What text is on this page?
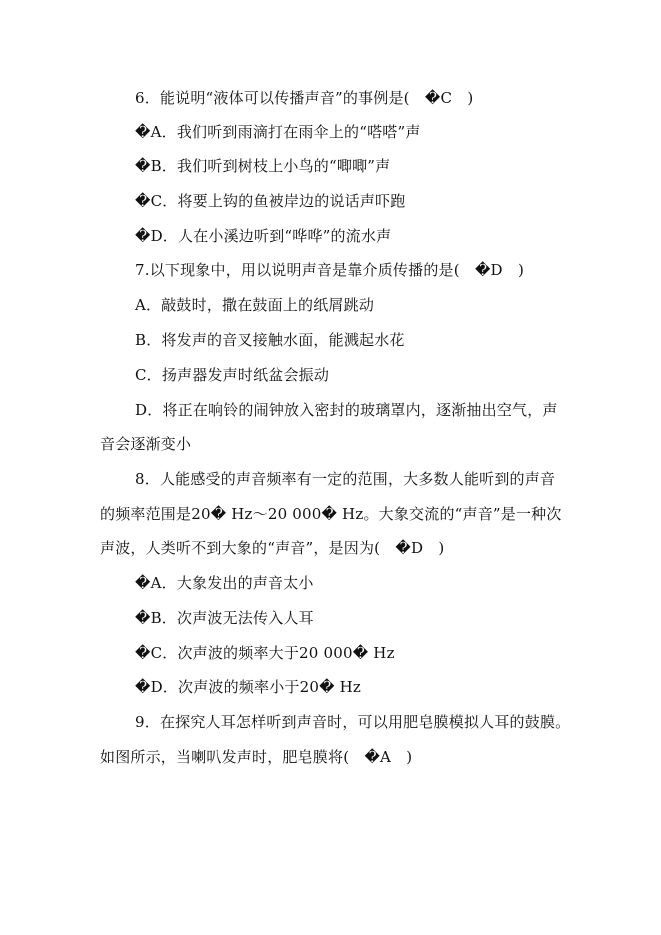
6．能说明“液体可以传播声音”的事例是(　�C　)
�A．我们听到雨滴打在雨伞上的“嗒嗒”声
�B．我们听到树枝上小鸟的“唧唧”声
�C．将要上钩的鱼被岸边的说话声吓跑
�D．人在小溪边听到“哗哗”的流水声
7.以下现象中，用以说明声音是靠介质传播的是(　�D　)
A．敲鼓时，撒在鼓面上的纸屑跳动
B．将发声的音叉接触水面，能溅起水花
C．扬声器发声时纸盆会振动
D．将正在响铃的闹钟放入密封的玻璃罩内，逐渐抽出空气，声
音会逐渐变小
8．人能感受的声音频率有一定的范围，大多数人能听到的声音
的频率范围是20� Hz～20 000� Hz。大象交流的“声音”是一种次
声波，人类听不到大象的“声音”，是因为(　�D　)
�A．大象发出的声音太小
�B．次声波无法传入人耳
�C．次声波的频率大于20 000� Hz
�D．次声波的频率小于20� Hz
9．在探究人耳怎样听到声音时，可以用肥皂膜模拟人耳的鼓膜。
如图所示，当喇叭发声时，肥皂膜将(　�A　)
